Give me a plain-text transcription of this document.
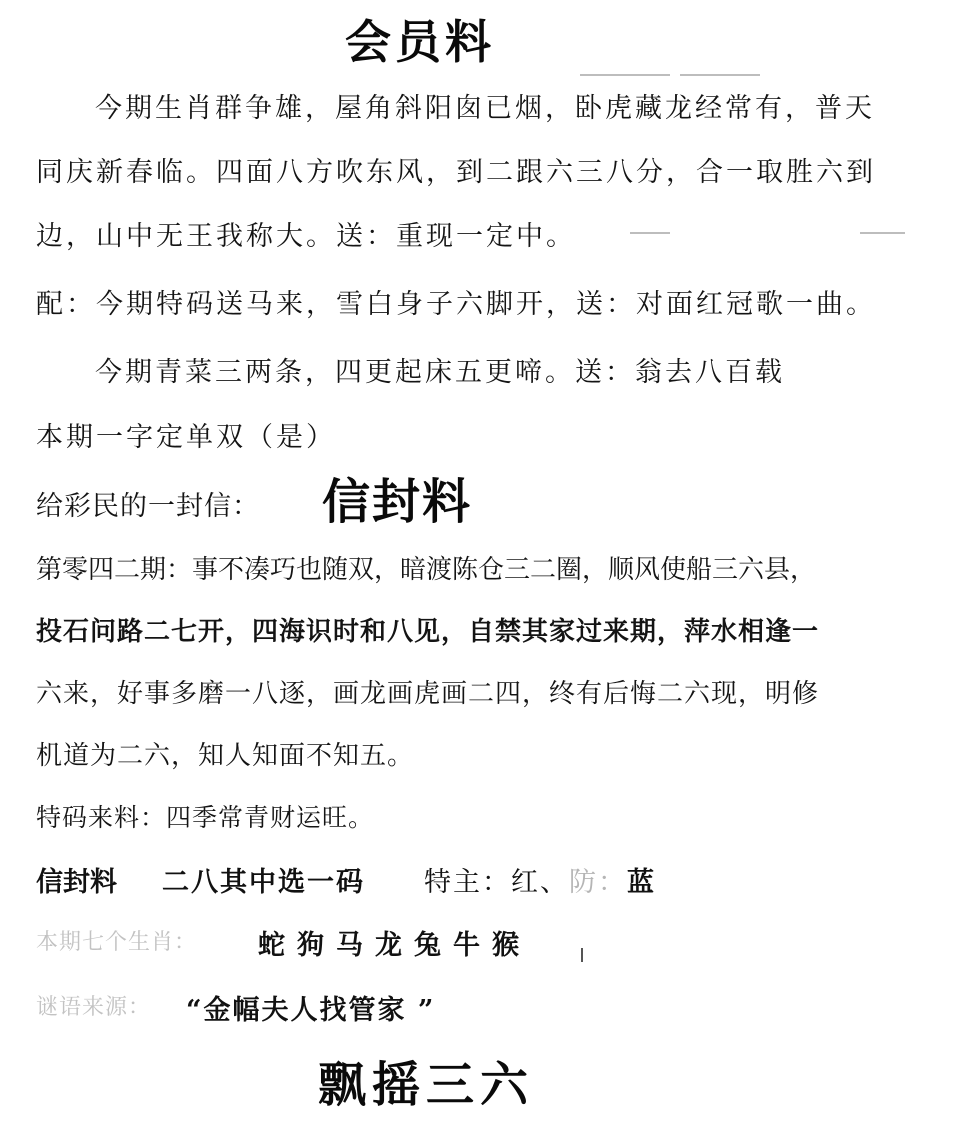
会员料
今期生肖群争雄，屋角斜阳囱已烟，卧虎藏龙经常有，普天
同庆新春临。四面八方吹东风，到二跟六三八分，合一取胜六到
边，山中无王我称大。送：重现一定中。
配：今期特码送马来，雪白身子六脚开，送：对面红冠歌一曲。
今期青菜三两条，四更起床五更啼。送：翁去八百载
本期一字定单双（是）
给彩民的一封信： 信封料
第零四二期：事不凑巧也随双，暗渡陈仓三二圈，顺风使船三六县，
投石问路二七开，四海识时和八见，自禁其家过来期，萍水相逢一
六来，好事多磨一八逐，画龙画虎画二四，终有后悔二六现，明修
机道为二六，知人知面不知五。
特码来料：四季常青财运旺。
信封料 二八其中选一码 特主：红、防：蓝
本期七个生肖： 蛇狗马龙兔牛猴
谜语来源： “金幅夫人找管家 ”
飘摇三六
